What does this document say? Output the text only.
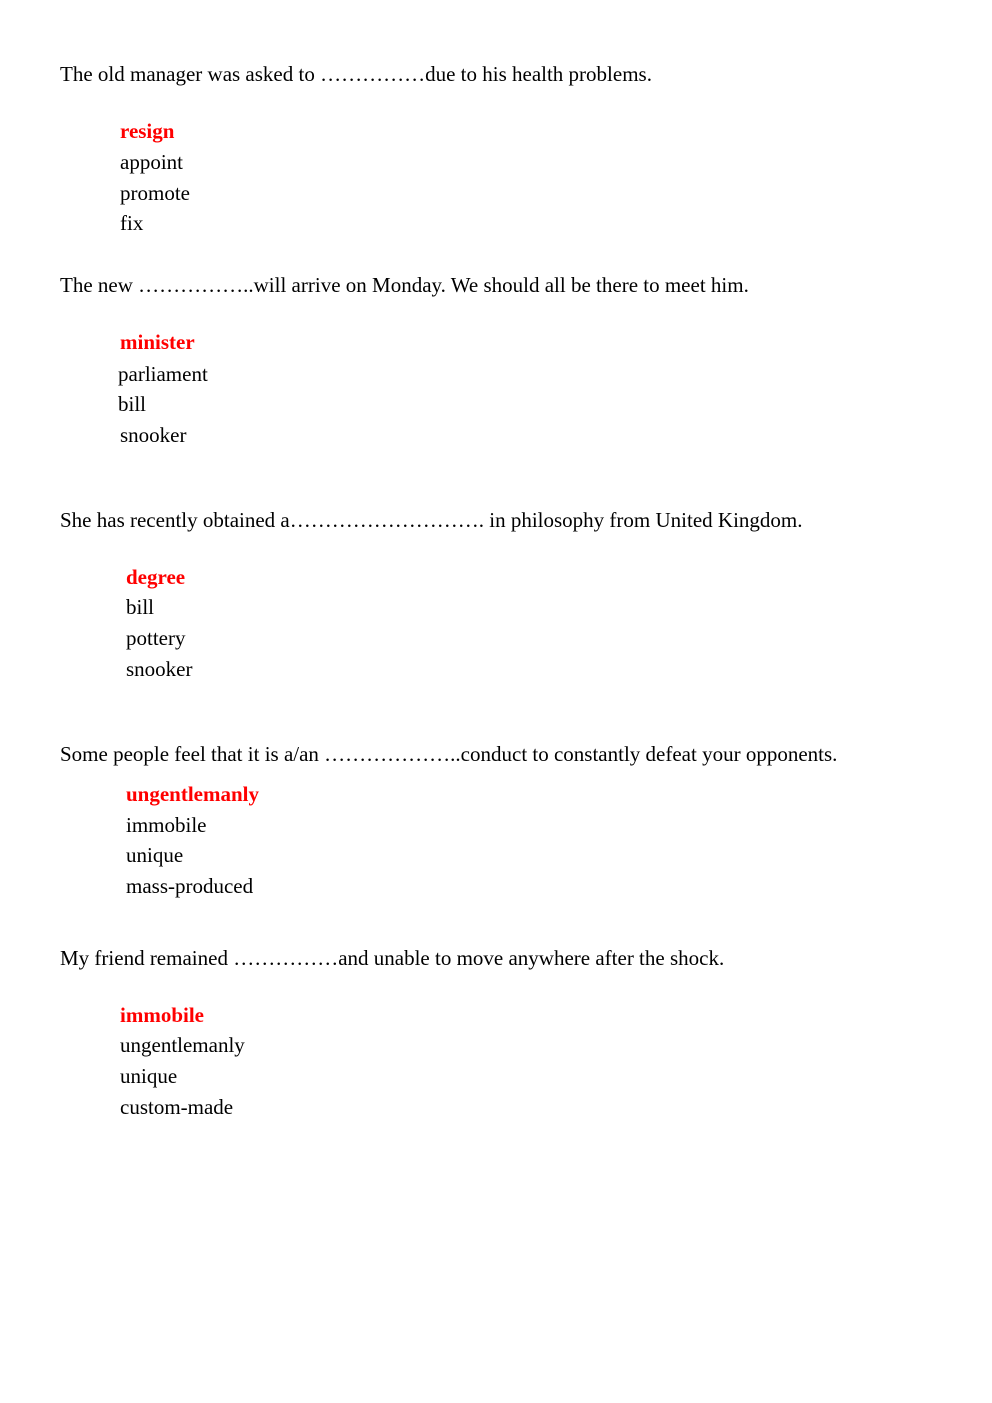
The old manager was asked to ……………due to his health problems.
resign
appoint
promote
fix
The new ……………..will arrive on Monday. We should all be there to meet him.
minister
parliament
bill
snooker
She has recently obtained a………………………. in philosophy from United Kingdom.
degree
bill
pottery
snooker
Some people feel that it is a/an ………………..conduct to constantly defeat your opponents.
ungentlemanly
immobile
unique
mass-produced
My friend remained ……………and unable to move anywhere after the shock.
immobile
ungentlemanly
unique
custom-made
